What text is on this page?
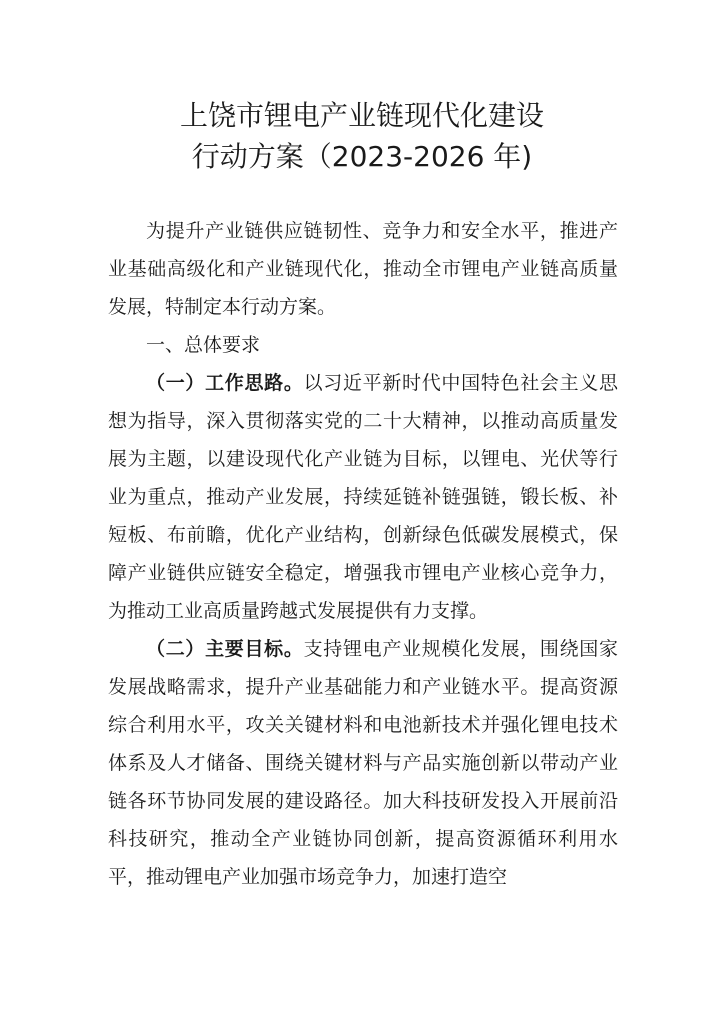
上饶市锂电产业链现代化建设
行动方案（2023-2026 年)

为提升产业链供应链韧性、竞争力和安全水平，推进产业基础高级化和产业链现代化，推动全市锂电产业链高质量发展，特制定本行动方案。

一、总体要求

（一）工作思路。以习近平新时代中国特色社会主义思想为指导，深入贯彻落实党的二十大精神，以推动高质量发展为主题，以建设现代化产业链为目标，以锂电、光伏等行业为重点，推动产业发展，持续延链补链强链，锻长板、补短板、布前瞻，优化产业结构，创新绿色低碳发展模式，保障产业链供应链安全稳定，增强我市锂电产业核心竞争力，为推动工业高质量跨越式发展提供有力支撑。

（二）主要目标。支持锂电产业规模化发展，围绕国家发展战略需求，提升产业基础能力和产业链水平。提高资源综合利用水平，攻关关键材料和电池新技术并强化锂电技术体系及人才储备、围绕关键材料与产品实施创新以带动产业链各环节协同发展的建设路径。加大科技研发投入开展前沿科技研究，推动全产业链协同创新，提高资源循环利用水平，推动锂电产业加强市场竞争力，加速打造空
